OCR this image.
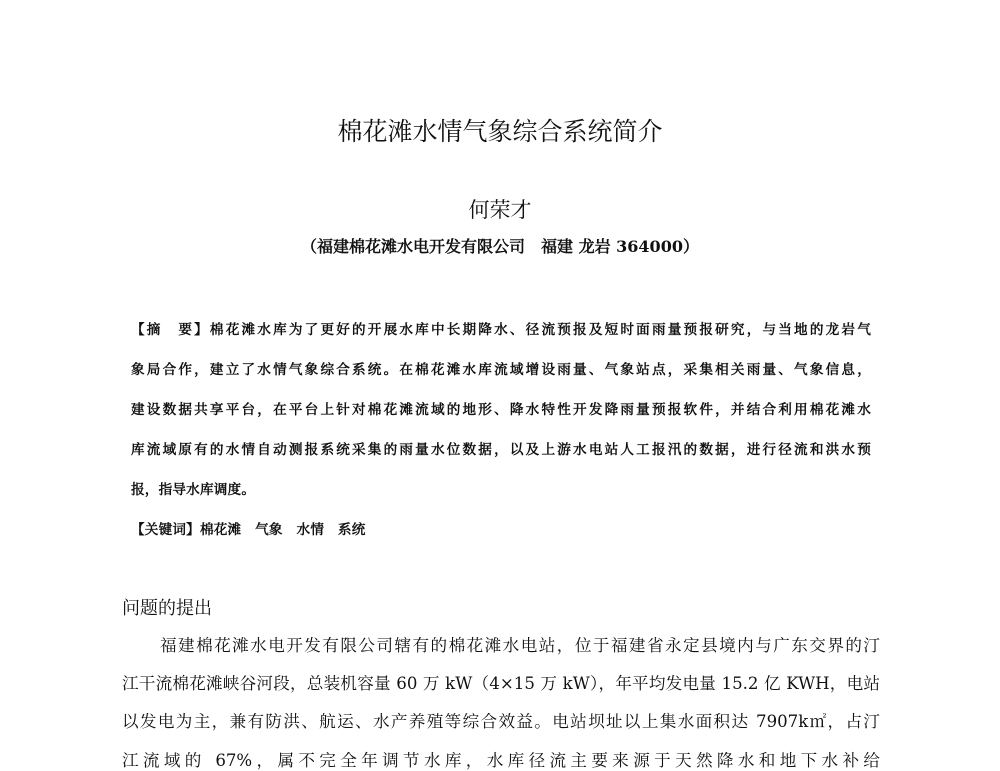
棉花滩水情气象综合系统简介
何荣才
（福建棉花滩水电开发有限公司　福建 龙岩 364000）
【摘　要】棉花滩水库为了更好的开展水库中长期降水、径流预报及短时面雨量预报研究，与当地的龙岩气
象局合作，建立了水情气象综合系统。在棉花滩水库流域增设雨量、气象站点，采集相关雨量、气象信息，
建设数据共享平台，在平台上针对棉花滩流域的地形、降水特性开发降雨量预报软件，并结合利用棉花滩水
库流域原有的水情自动测报系统采集的雨量水位数据，以及上游水电站人工报汛的数据，进行径流和洪水预
报，指导水库调度。
【关键词】棉花滩　气象　水情　系统
问题的提出
福建棉花滩水电开发有限公司辖有的棉花滩水电站，位于福建省永定县境内与广东交界的汀
江干流棉花滩峡谷河段，总装机容量 60 万 kW（4×15 万 kW），年平均发电量 15.2 亿 KWH，电站
以发电为主，兼有防洪、航运、水产养殖等综合效益。电站坝址以上集水面积达 7907k㎡，占汀
江流域的 67%，属不完全年调节水库，水库径流主要来源于天然降水和地下水补给
